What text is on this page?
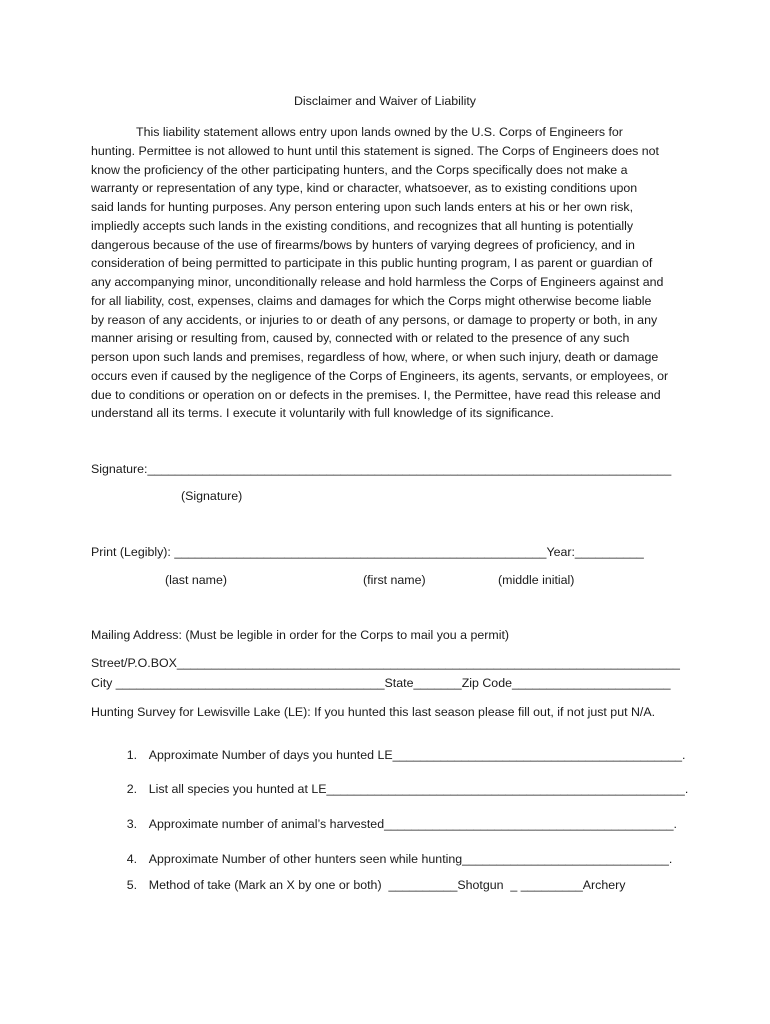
Disclaimer and Waiver of Liability
This liability statement allows entry upon lands owned by the U.S. Corps of Engineers for
hunting. Permittee is not allowed to hunt until this statement is signed. The Corps of Engineers does not
know the proficiency of the other participating hunters, and the Corps specifically does not make a
warranty or representation of any type, kind or character, whatsoever, as to existing conditions upon
said lands for hunting purposes. Any person entering upon such lands enters at his or her own risk,
impliedly accepts such lands in the existing conditions, and recognizes that all hunting is potentially
dangerous because of the use of firearms/bows by hunters of varying degrees of proficiency, and in
consideration of being permitted to participate in this public hunting program, I as parent or guardian of
any accompanying minor, unconditionally release and hold harmless the Corps of Engineers against and
for all liability, cost, expenses, claims and damages for which the Corps might otherwise become liable
by reason of any accidents, or injuries to or death of any persons, or damage to property or both, in any
manner arising or resulting from, caused by, connected with or related to the presence of any such
person upon such lands and premises, regardless of how, where, or when such injury, death or damage
occurs even if caused by the negligence of the Corps of Engineers, its agents, servants, or employees, or
due to conditions or operation on or defects in the premises. I, the Permittee, have read this release and
understand all its terms. I execute it voluntarily with full knowledge of its significance.
Signature:____________________________________________________________________________
(Signature)
Print (Legibly): ______________________________________________________Year:__________
(last name)	(first name)	(middle initial)
Mailing Address: (Must be legible in order for the Corps to mail you a permit)
Street/P.O.BOX_________________________________________________________________________
City _______________________________________State_______Zip Code_______________________
Hunting Survey for Lewisville Lake (LE): If you hunted this last season please fill out, if not just put N/A.

1. Approximate Number of days you hunted LE__________________________________________.

2. List all species you hunted at LE____________________________________________________.

3. Approximate number of animal’s harvested__________________________________________.

4. Approximate Number of other hunters seen while hunting______________________________.

5. Method of take (Mark an X by one or both)  __________Shotgun  _ _________Archery
